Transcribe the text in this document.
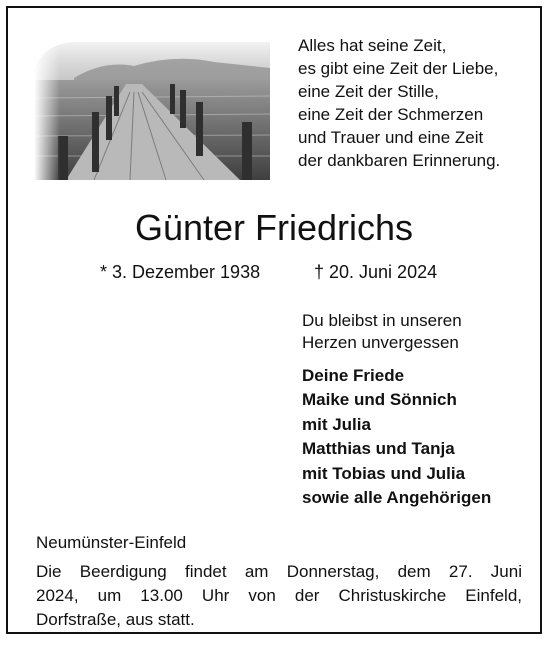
Alles hat seine Zeit,
es gibt eine Zeit der Liebe,
eine Zeit der Stille,
eine Zeit der Schmerzen
und Trauer und eine Zeit
der dankbaren Erinnerung.
Günter Friedrichs
* 3. Dezember 1938	† 20. Juni 2024
Du bleibst in unseren
Herzen unvergessen
Deine Friede
Maike und Sönnich
mit Julia
Matthias und Tanja
mit Tobias und Julia
sowie alle Angehörigen
Neumünster-Einfeld
Die Beerdigung findet am Donnerstag, dem 27. Juni
2024, um 13.00 Uhr von der Christuskirche Einfeld,
Dorfstraße, aus statt.
